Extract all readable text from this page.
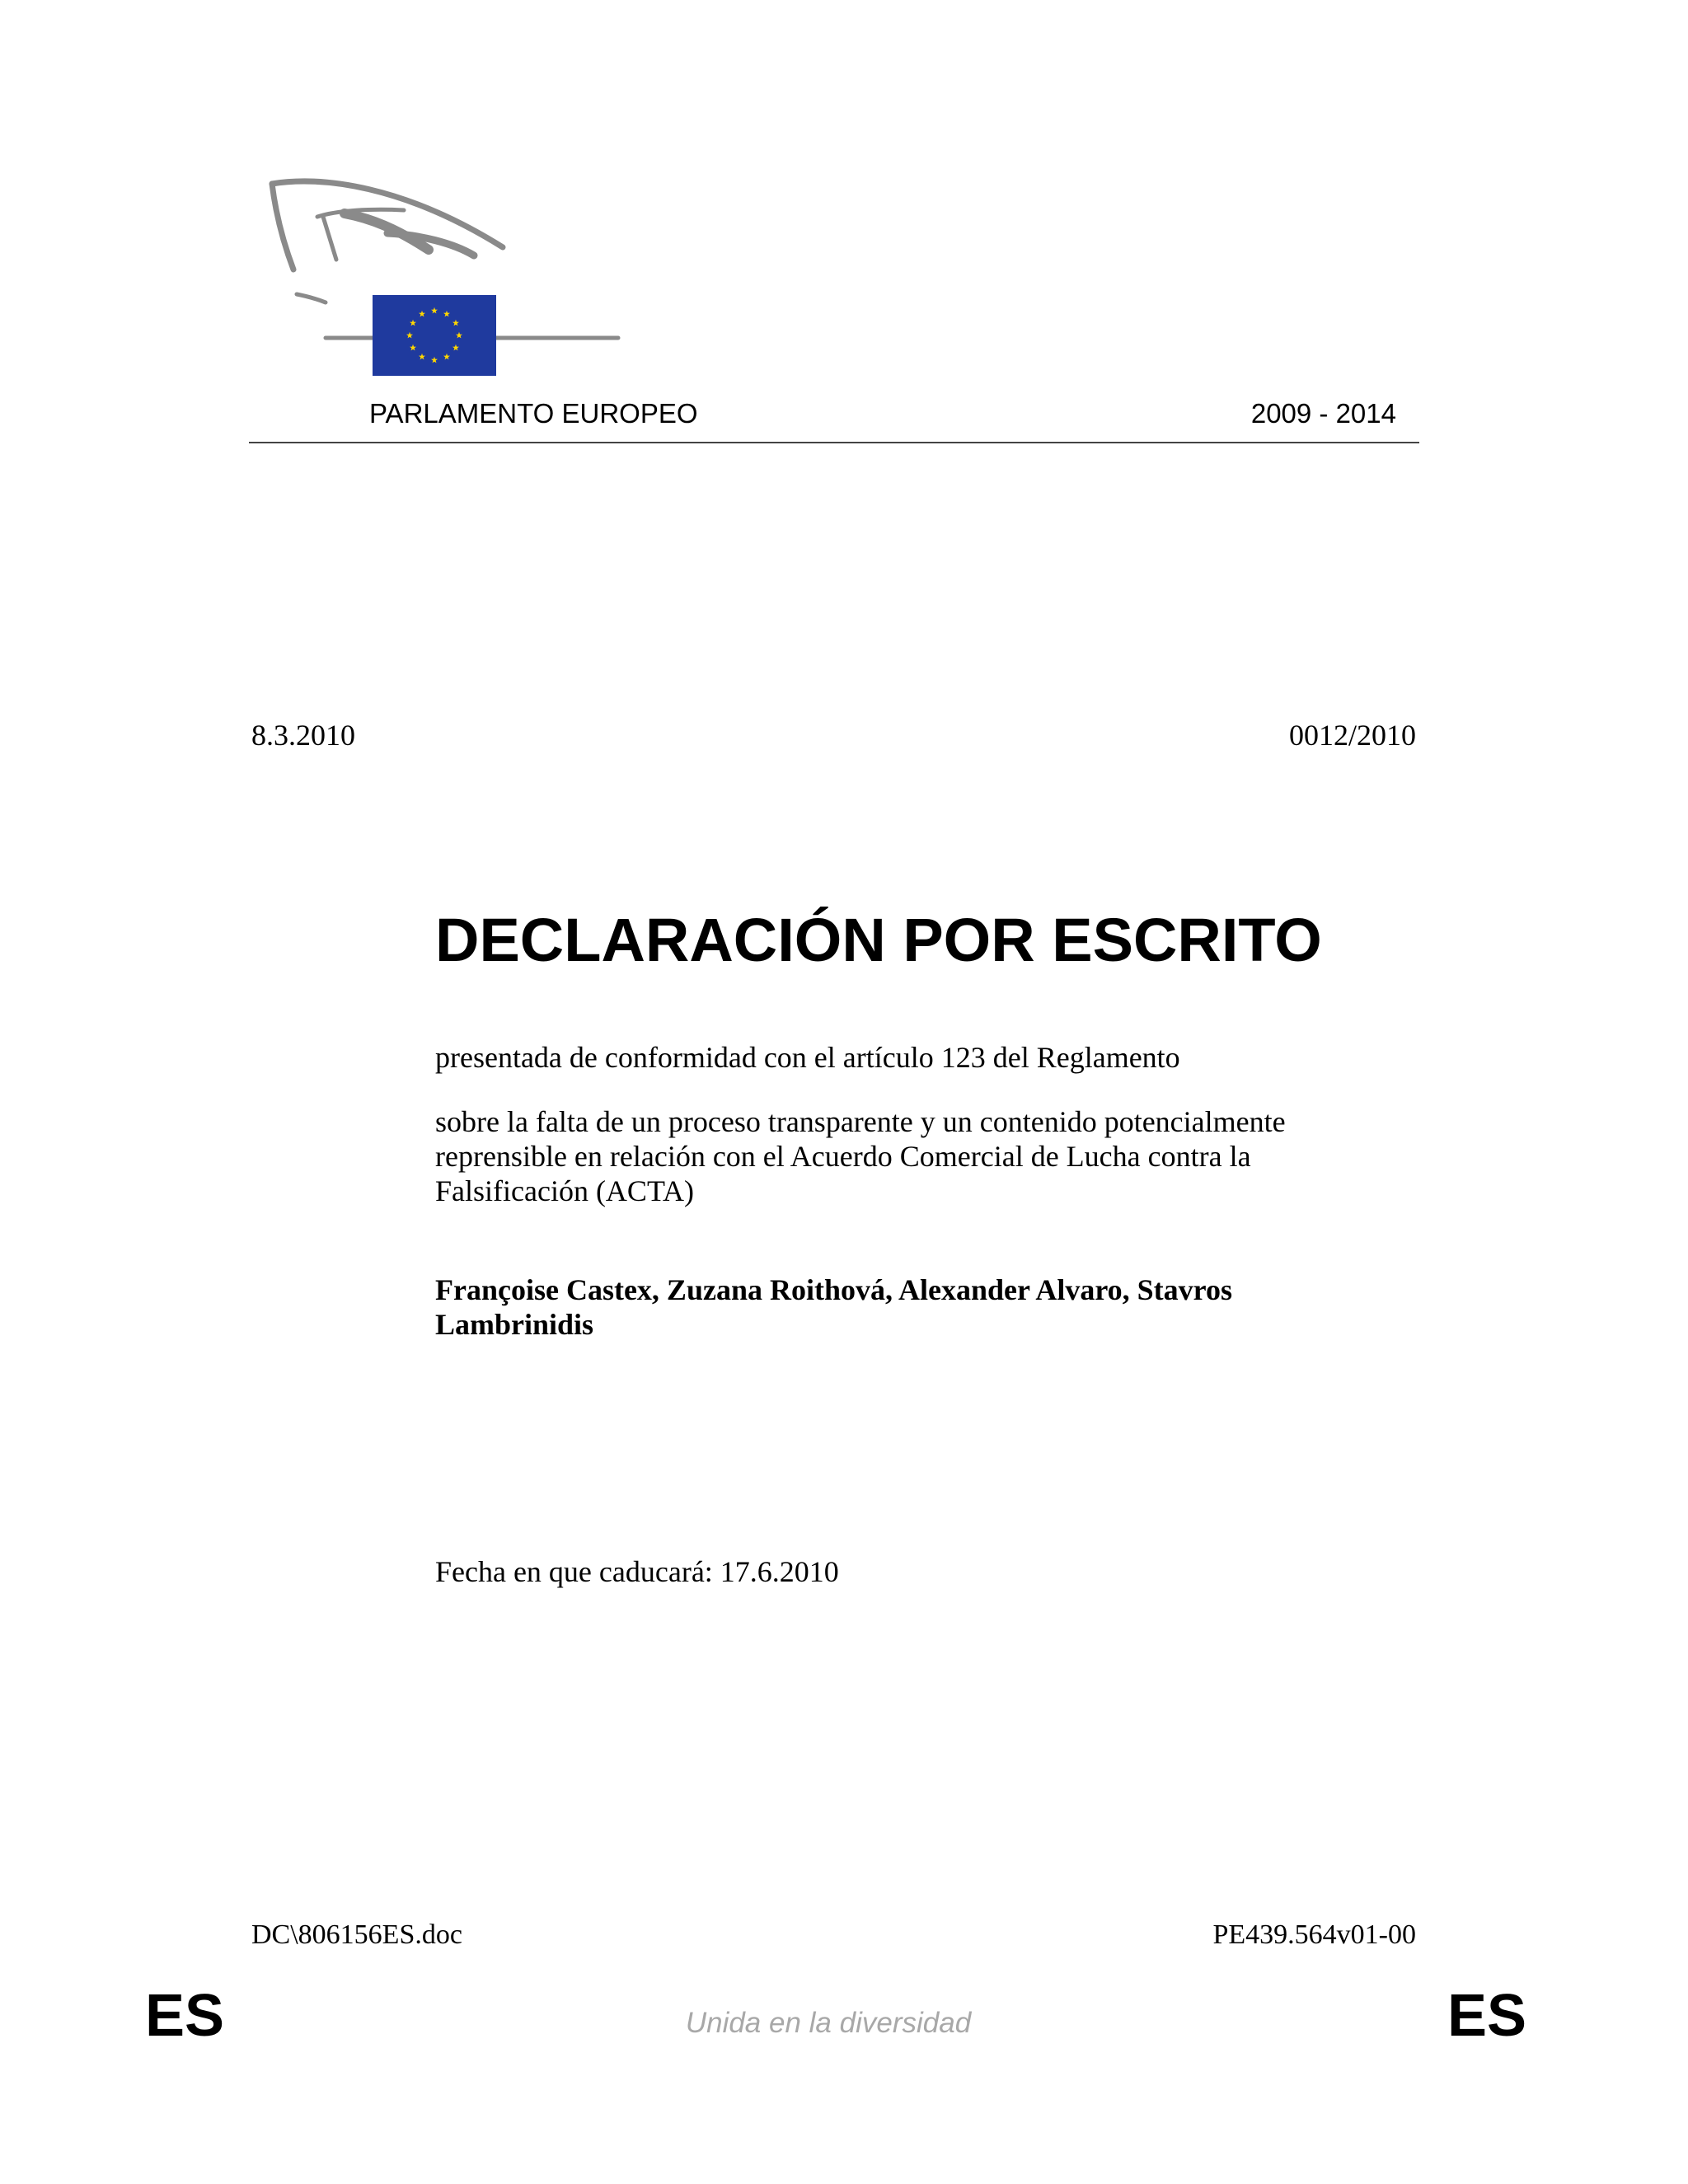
PARLAMENTO EUROPEO	2009 - 2014
8.3.2010	0012/2010
DECLARACIÓN POR ESCRITO
presentada de conformidad con el artículo 123 del Reglamento
sobre la falta de un proceso transparente y un contenido potencialmente reprensible en relación con el Acuerdo Comercial de Lucha contra la Falsificación (ACTA)
Françoise Castex, Zuzana Roithová, Alexander Alvaro, Stavros Lambrinidis
Fecha en que caducará: 17.6.2010
DC\806156ES.doc	PE439.564v01-00
ES	Unida en la diversidad	ES
